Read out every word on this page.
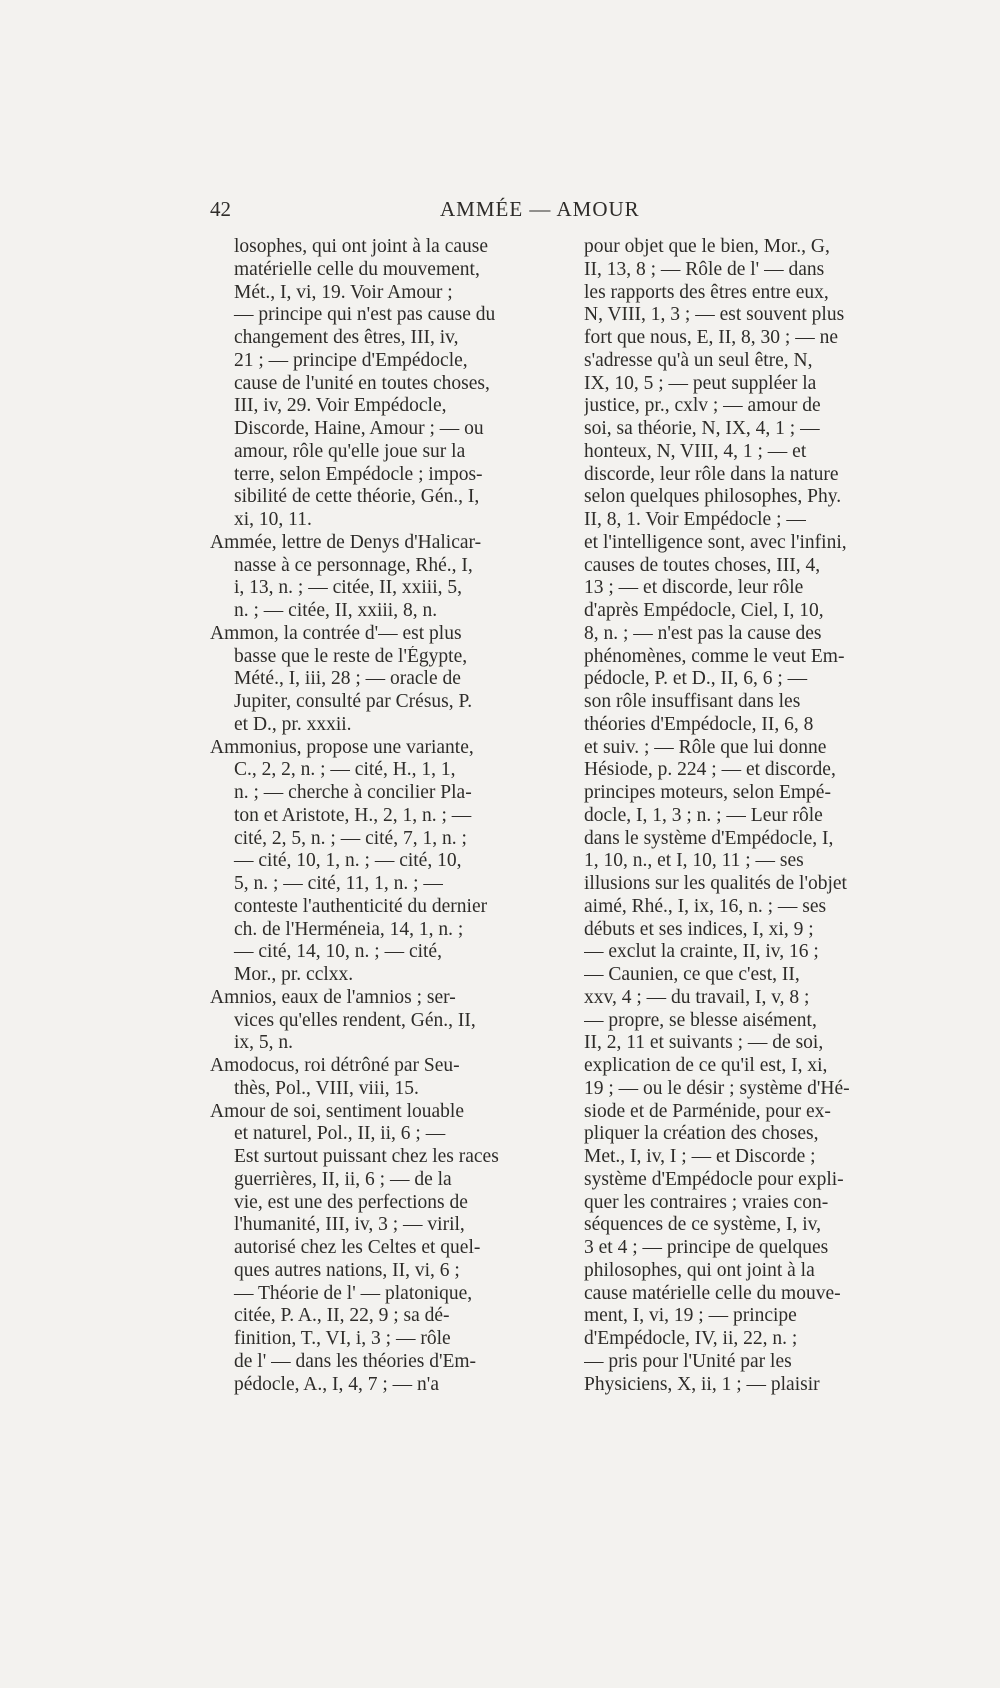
42	AMMÉE — AMOUR
losophes, qui ont joint à la cause
matérielle celle du mouvement,
Mét., I, vi, 19. Voir Amour ;
— principe qui n'est pas cause du
changement des êtres, III, iv,
21 ; — principe d'Empédocle,
cause de l'unité en toutes choses,
III, iv, 29. Voir Empédocle,
Discorde, Haine, Amour ; — ou
amour, rôle qu'elle joue sur la
terre, selon Empédocle ; impos-
sibilité de cette théorie, Gén., I,
xi, 10, 11.
Ammée, lettre de Denys d'Halicar-
nasse à ce personnage, Rhé., I,
i, 13, n. ; — citée, II, xxiii, 5,
n. ; — citée, II, xxiii, 8, n.
Ammon, la contrée d'— est plus
basse que le reste de l'Égypte,
Mété., I, iii, 28 ; — oracle de
Jupiter, consulté par Crésus, P.
et D., pr. xxxii.
Ammonius, propose une variante,
C., 2, 2, n. ; — cité, H., 1, 1,
n. ; — cherche à concilier Pla-
ton et Aristote, H., 2, 1, n. ; —
cité, 2, 5, n. ; — cité, 7, 1, n. ;
— cité, 10, 1, n. ; — cité, 10,
5, n. ; — cité, 11, 1, n. ; —
conteste l'authenticité du dernier
ch. de l'Herméneia, 14, 1, n. ;
— cité, 14, 10, n. ; — cité,
Mor., pr. cclxx.
Amnios, eaux de l'amnios ; ser-
vices qu'elles rendent, Gén., II,
ix, 5, n.
Amodocus, roi détrôné par Seu-
thès, Pol., VIII, viii, 15.
Amour de soi, sentiment louable
et naturel, Pol., II, ii, 6 ; —
Est surtout puissant chez les races
guerrières, II, ii, 6 ; — de la
vie, est une des perfections de
l'humanité, III, iv, 3 ; — viril,
autorisé chez les Celtes et quel-
ques autres nations, II, vi, 6 ;
— Théorie de l' — platonique,
citée, P. A., II, 22, 9 ; sa dé-
finition, T., VI, i, 3 ; — rôle
de l' — dans les théories d'Em-
pédocle, A., I, 4, 7 ; — n'a
pour objet que le bien, Mor., G,
II, 13, 8 ; — Rôle de l' — dans
les rapports des êtres entre eux,
N, VIII, 1, 3 ; — est souvent plus
fort que nous, E, II, 8, 30 ; — ne
s'adresse qu'à un seul être, N,
IX, 10, 5 ; — peut suppléer la
justice, pr., cxlv ; — amour de
soi, sa théorie, N, IX, 4, 1 ; —
honteux, N, VIII, 4, 1 ; — et
discorde, leur rôle dans la nature
selon quelques philosophes, Phy.
II, 8, 1. Voir Empédocle ; —
et l'intelligence sont, avec l'infini,
causes de toutes choses, III, 4,
13 ; — et discorde, leur rôle
d'après Empédocle, Ciel, I, 10,
8, n. ; — n'est pas la cause des
phénomènes, comme le veut Em-
pédocle, P. et D., II, 6, 6 ; —
son rôle insuffisant dans les
théories d'Empédocle, II, 6, 8
et suiv. ; — Rôle que lui donne
Hésiode, p. 224 ; — et discorde,
principes moteurs, selon Empé-
docle, I, 1, 3 ; n. ; — Leur rôle
dans le système d'Empédocle, I,
1, 10, n., et I, 10, 11 ; — ses
illusions sur les qualités de l'objet
aimé, Rhé., I, ix, 16, n. ; — ses
débuts et ses indices, I, xi, 9 ;
— exclut la crainte, II, iv, 16 ;
— Caunien, ce que c'est, II,
xxv, 4 ; — du travail, I, v, 8 ;
— propre, se blesse aisément,
II, 2, 11 et suivants ; — de soi,
explication de ce qu'il est, I, xi,
19 ; — ou le désir ; système d'Hé-
siode et de Parménide, pour ex-
pliquer la création des choses,
Met., I, iv, I ; — et Discorde ;
système d'Empédocle pour expli-
quer les contraires ; vraies con-
séquences de ce système, I, iv,
3 et 4 ; — principe de quelques
philosophes, qui ont joint à la
cause matérielle celle du mouve-
ment, I, vi, 19 ; — principe
d'Empédocle, IV, ii, 22, n. ;
— pris pour l'Unité par les
Physiciens, X, ii, 1 ; — plaisir
